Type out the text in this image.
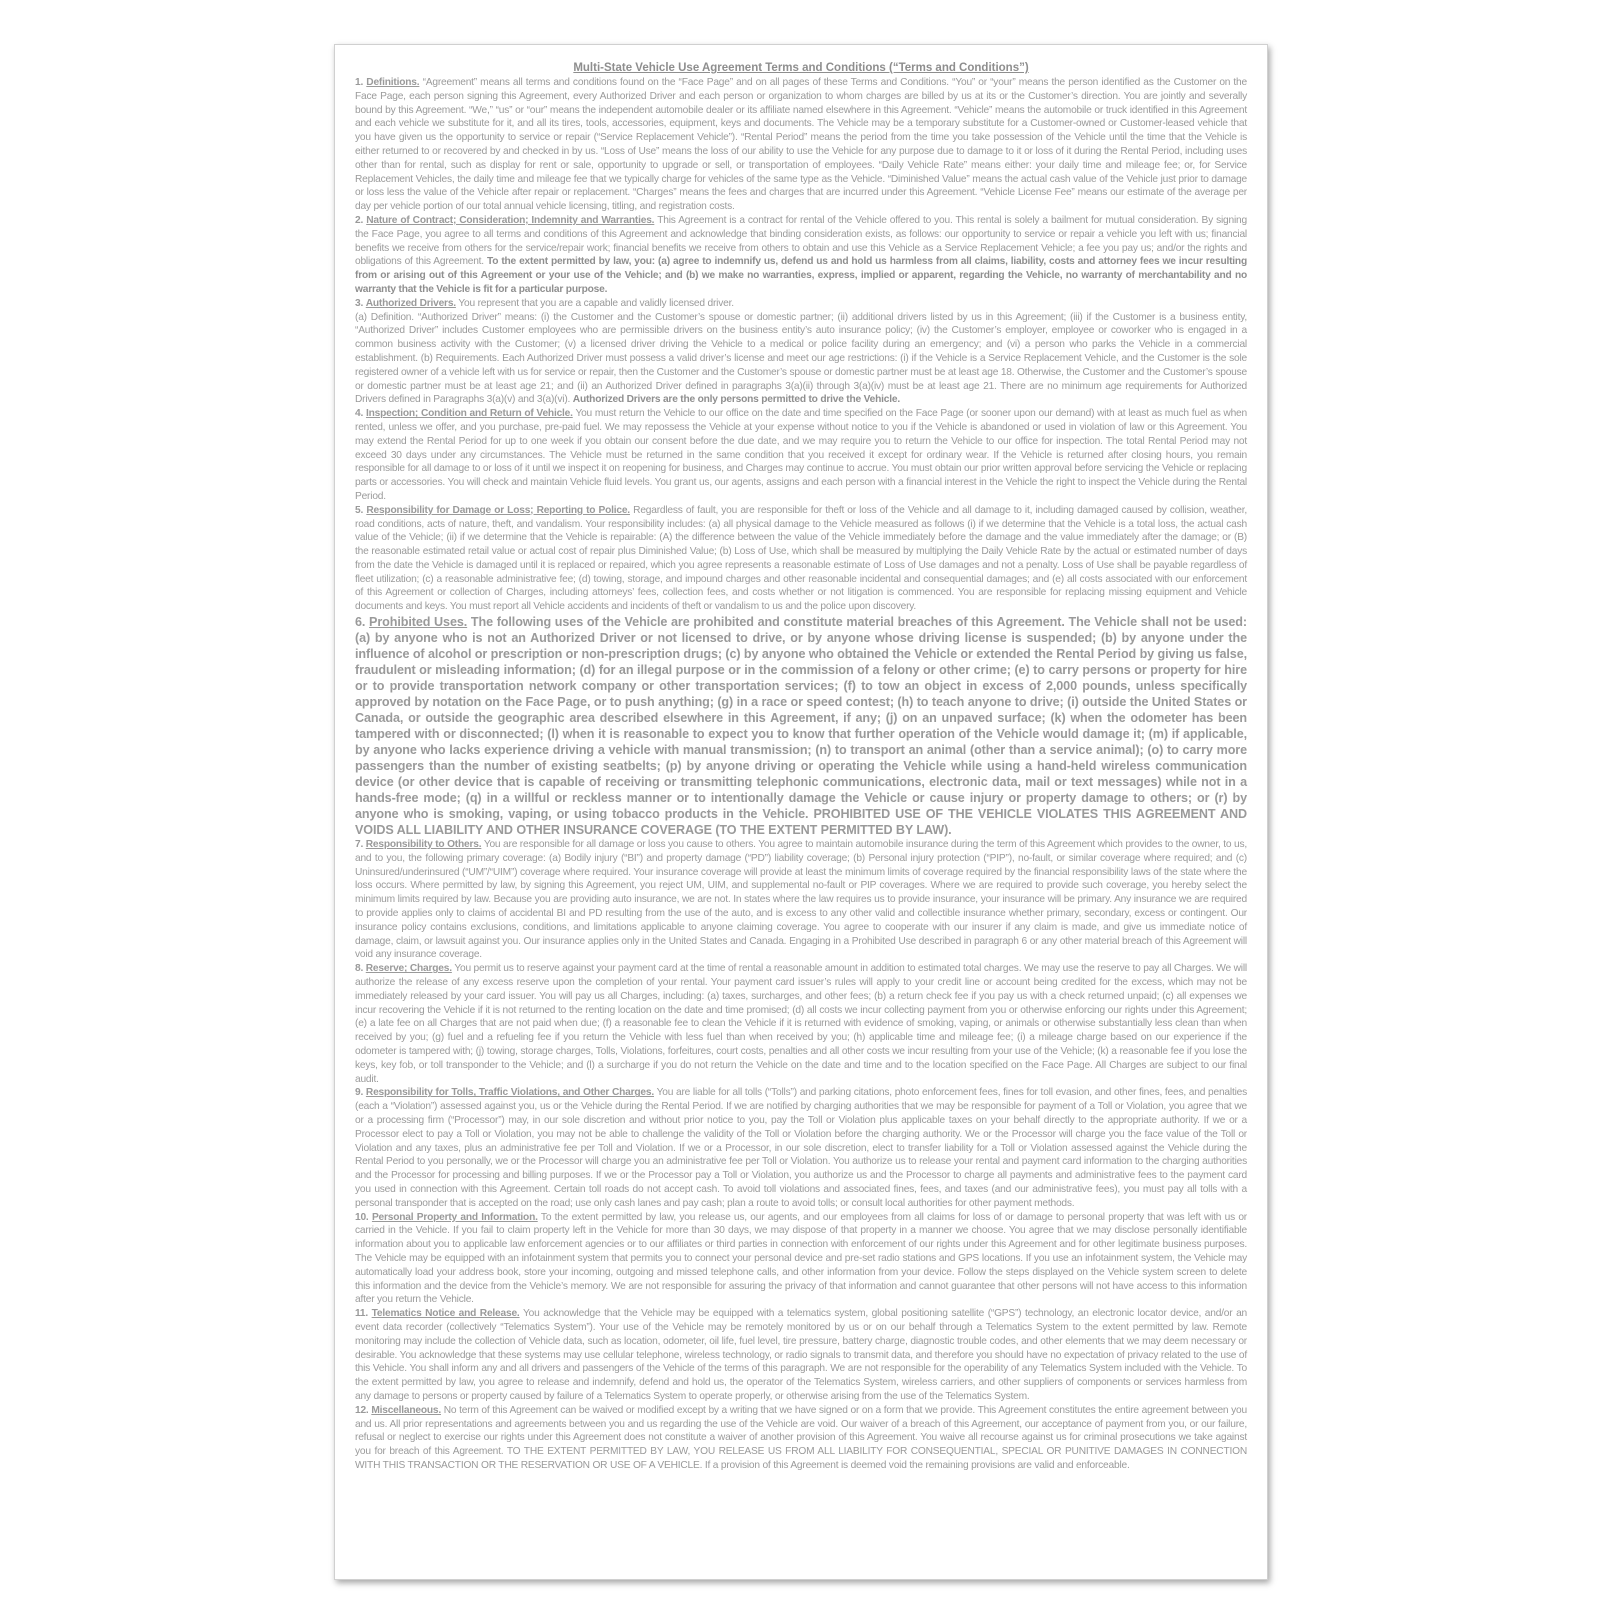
Multi-State Vehicle Use Agreement Terms and Conditions (“Terms and Conditions”)

1. Definitions. “Agreement” means all terms and conditions found on the “Face Page” and on all pages of these Terms and Conditions. “You” or “your” means the person identified as the Customer on the Face Page, each person signing this Agreement, every Authorized Driver and each person or organization to whom charges are billed by us at its or the Customer’s direction. You are jointly and severally bound by this Agreement. “We,” “us” or “our” means the independent automobile dealer or its affiliate named elsewhere in this Agreement. “Vehicle” means the automobile or truck identified in this Agreement and each vehicle we substitute for it, and all its tires, tools, accessories, equipment, keys and documents. The Vehicle may be a temporary substitute for a Customer-owned or Customer-leased vehicle that you have given us the opportunity to service or repair (“Service Replacement Vehicle”). “Rental Period” means the period from the time you take possession of the Vehicle until the time that the Vehicle is either returned to or recovered by and checked in by us. “Loss of Use” means the loss of our ability to use the Vehicle for any purpose due to damage to it or loss of it during the Rental Period, including uses other than for rental, such as display for rent or sale, opportunity to upgrade or sell, or transportation of employees. “Daily Vehicle Rate” means either: your daily time and mileage fee; or, for Service Replacement Vehicles, the daily time and mileage fee that we typically charge for vehicles of the same type as the Vehicle. “Diminished Value” means the actual cash value of the Vehicle just prior to damage or loss less the value of the Vehicle after repair or replacement. “Charges” means the fees and charges that are incurred under this Agreement. “Vehicle License Fee” means our estimate of the average per day per vehicle portion of our total annual vehicle licensing, titling, and registration costs.

2. Nature of Contract; Consideration; Indemnity and Warranties. This Agreement is a contract for rental of the Vehicle offered to you. This rental is solely a bailment for mutual consideration. By signing the Face Page, you agree to all terms and conditions of this Agreement and acknowledge that binding consideration exists, as follows: our opportunity to service or repair a vehicle you left with us; financial benefits we receive from others for the service/repair work; financial benefits we receive from others to obtain and use this Vehicle as a Service Replacement Vehicle; a fee you pay us; and/or the rights and obligations of this Agreement. To the extent permitted by law, you: (a) agree to indemnify us, defend us and hold us harmless from all claims, liability, costs and attorney fees we incur resulting from or arising out of this Agreement or your use of the Vehicle; and (b) we make no warranties, express, implied or apparent, regarding the Vehicle, no warranty of merchantability and no warranty that the Vehicle is fit for a particular purpose.

3. Authorized Drivers. You represent that you are a capable and validly licensed driver.

(a) Definition. “Authorized Driver” means: (i) the Customer and the Customer’s spouse or domestic partner; (ii) additional drivers listed by us in this Agreement; (iii) if the Customer is a business entity, “Authorized Driver” includes Customer employees who are permissible drivers on the business entity’s auto insurance policy; (iv) the Customer’s employer, employee or coworker who is engaged in a common business activity with the Customer; (v) a licensed driver driving the Vehicle to a medical or police facility during an emergency; and (vi) a person who parks the Vehicle in a commercial establishment. (b) Requirements. Each Authorized Driver must possess a valid driver’s license and meet our age restrictions: (i) if the Vehicle is a Service Replacement Vehicle, and the Customer is the sole registered owner of a vehicle left with us for service or repair, then the Customer and the Customer’s spouse or domestic partner must be at least age 18. Otherwise, the Customer and the Customer’s spouse or domestic partner must be at least age 21; and (ii) an Authorized Driver defined in paragraphs 3(a)(ii) through 3(a)(iv) must be at least age 21. There are no minimum age requirements for Authorized Drivers defined in Paragraphs 3(a)(v) and 3(a)(vi). Authorized Drivers are the only persons permitted to drive the Vehicle.

4. Inspection; Condition and Return of Vehicle. You must return the Vehicle to our office on the date and time specified on the Face Page (or sooner upon our demand) with at least as much fuel as when rented, unless we offer, and you purchase, pre-paid fuel. We may repossess the Vehicle at your expense without notice to you if the Vehicle is abandoned or used in violation of law or this Agreement. You may extend the Rental Period for up to one week if you obtain our consent before the due date, and we may require you to return the Vehicle to our office for inspection. The total Rental Period may not exceed 30 days under any circumstances. The Vehicle must be returned in the same condition that you received it except for ordinary wear. If the Vehicle is returned after closing hours, you remain responsible for all damage to or loss of it until we inspect it on reopening for business, and Charges may continue to accrue. You must obtain our prior written approval before servicing the Vehicle or replacing parts or accessories. You will check and maintain Vehicle fluid levels. You grant us, our agents, assigns and each person with a financial interest in the Vehicle the right to inspect the Vehicle during the Rental Period.

5. Responsibility for Damage or Loss; Reporting to Police. Regardless of fault, you are responsible for theft or loss of the Vehicle and all damage to it, including damaged caused by collision, weather, road conditions, acts of nature, theft, and vandalism. Your responsibility includes: (a) all physical damage to the Vehicle measured as follows (i) if we determine that the Vehicle is a total loss, the actual cash value of the Vehicle; (ii) if we determine that the Vehicle is repairable: (A) the difference between the value of the Vehicle immediately before the damage and the value immediately after the damage; or (B) the reasonable estimated retail value or actual cost of repair plus Diminished Value; (b) Loss of Use, which shall be measured by multiplying the Daily Vehicle Rate by the actual or estimated number of days from the date the Vehicle is damaged until it is replaced or repaired, which you agree represents a reasonable estimate of Loss of Use damages and not a penalty. Loss of Use shall be payable regardless of fleet utilization; (c) a reasonable administrative fee; (d) towing, storage, and impound charges and other reasonable incidental and consequential damages; and (e) all costs associated with our enforcement of this Agreement or collection of Charges, including attorneys’ fees, collection fees, and costs whether or not litigation is commenced. You are responsible for replacing missing equipment and Vehicle documents and keys. You must report all Vehicle accidents and incidents of theft or vandalism to us and the police upon discovery.

6. Prohibited Uses. The following uses of the Vehicle are prohibited and constitute material breaches of this Agreement. The Vehicle shall not be used: (a) by anyone who is not an Authorized Driver or not licensed to drive, or by anyone whose driving license is suspended; (b) by anyone under the influence of alcohol or prescription or non-prescription drugs; (c) by anyone who obtained the Vehicle or extended the Rental Period by giving us false, fraudulent or misleading information; (d) for an illegal purpose or in the commission of a felony or other crime; (e) to carry persons or property for hire or to provide transportation network company or other transportation services; (f) to tow an object in excess of 2,000 pounds, unless specifically approved by notation on the Face Page, or to push anything; (g) in a race or speed contest; (h) to teach anyone to drive; (i) outside the United States or Canada, or outside the geographic area described elsewhere in this Agreement, if any; (j) on an unpaved surface; (k) when the odometer has been tampered with or disconnected; (l) when it is reasonable to expect you to know that further operation of the Vehicle would damage it; (m) if applicable, by anyone who lacks experience driving a vehicle with manual transmission; (n) to transport an animal (other than a service animal); (o) to carry more passengers than the number of existing seatbelts; (p) by anyone driving or operating the Vehicle while using a hand-held wireless communication device (or other device that is capable of receiving or transmitting telephonic communications, electronic data, mail or text messages) while not in a hands-free mode; (q) in a willful or reckless manner or to intentionally damage the Vehicle or cause injury or property damage to others; or (r) by anyone who is smoking, vaping, or using tobacco products in the Vehicle. PROHIBITED USE OF THE VEHICLE VIOLATES THIS AGREEMENT AND VOIDS ALL LIABILITY AND OTHER INSURANCE COVERAGE (TO THE EXTENT PERMITTED BY LAW).

7. Responsibility to Others. You are responsible for all damage or loss you cause to others. You agree to maintain automobile insurance during the term of this Agreement which provides to the owner, to us, and to you, the following primary coverage: (a) Bodily injury (“BI”) and property damage (“PD”) liability coverage; (b) Personal injury protection (“PIP”), no-fault, or similar coverage where required; and (c) Uninsured/underinsured (“UM”/“UIM”) coverage where required. Your insurance coverage will provide at least the minimum limits of coverage required by the financial responsibility laws of the state where the loss occurs. Where permitted by law, by signing this Agreement, you reject UM, UIM, and supplemental no-fault or PIP coverages. Where we are required to provide such coverage, you hereby select the minimum limits required by law. Because you are providing auto insurance, we are not. In states where the law requires us to provide insurance, your insurance will be primary. Any insurance we are required to provide applies only to claims of accidental BI and PD resulting from the use of the auto, and is excess to any other valid and collectible insurance whether primary, secondary, excess or contingent. Our insurance policy contains exclusions, conditions, and limitations applicable to anyone claiming coverage. You agree to cooperate with our insurer if any claim is made, and give us immediate notice of damage, claim, or lawsuit against you. Our insurance applies only in the United States and Canada. Engaging in a Prohibited Use described in paragraph 6 or any other material breach of this Agreement will void any insurance coverage.

8. Reserve; Charges. You permit us to reserve against your payment card at the time of rental a reasonable amount in addition to estimated total charges. We may use the reserve to pay all Charges. We will authorize the release of any excess reserve upon the completion of your rental. Your payment card issuer’s rules will apply to your credit line or account being credited for the excess, which may not be immediately released by your card issuer. You will pay us all Charges, including: (a) taxes, surcharges, and other fees; (b) a return check fee if you pay us with a check returned unpaid; (c) all expenses we incur recovering the Vehicle if it is not returned to the renting location on the date and time promised; (d) all costs we incur collecting payment from you or otherwise enforcing our rights under this Agreement; (e) a late fee on all Charges that are not paid when due; (f) a reasonable fee to clean the Vehicle if it is returned with evidence of smoking, vaping, or animals or otherwise substantially less clean than when received by you; (g) fuel and a refueling fee if you return the Vehicle with less fuel than when received by you; (h) applicable time and mileage fee; (i) a mileage charge based on our experience if the odometer is tampered with; (j) towing, storage charges, Tolls, Violations, forfeitures, court costs, penalties and all other costs we incur resulting from your use of the Vehicle; (k) a reasonable fee if you lose the keys, key fob, or toll transponder to the Vehicle; and (l) a surcharge if you do not return the Vehicle on the date and time and to the location specified on the Face Page. All Charges are subject to our final audit.

9. Responsibility for Tolls, Traffic Violations, and Other Charges. You are liable for all tolls (“Tolls”) and parking citations, photo enforcement fees, fines for toll evasion, and other fines, fees, and penalties (each a “Violation”) assessed against you, us or the Vehicle during the Rental Period. If we are notified by charging authorities that we may be responsible for payment of a Toll or Violation, you agree that we or a processing firm (“Processor”) may, in our sole discretion and without prior notice to you, pay the Toll or Violation plus applicable taxes on your behalf directly to the appropriate authority. If we or a Processor elect to pay a Toll or Violation, you may not be able to challenge the validity of the Toll or Violation before the charging authority. We or the Processor will charge you the face value of the Toll or Violation and any taxes, plus an administrative fee per Toll and Violation. If we or a Processor, in our sole discretion, elect to transfer liability for a Toll or Violation assessed against the Vehicle during the Rental Period to you personally, we or the Processor will charge you an administrative fee per Toll or Violation. You authorize us to release your rental and payment card information to the charging authorities and the Processor for processing and billing purposes. If we or the Processor pay a Toll or Violation, you authorize us and the Processor to charge all payments and administrative fees to the payment card you used in connection with this Agreement. Certain toll roads do not accept cash. To avoid toll violations and associated fines, fees, and taxes (and our administrative fees), you must pay all tolls with a personal transponder that is accepted on the road; use only cash lanes and pay cash; plan a route to avoid tolls; or consult local authorities for other payment methods.

10. Personal Property and Information. To the extent permitted by law, you release us, our agents, and our employees from all claims for loss of or damage to personal property that was left with us or carried in the Vehicle. If you fail to claim property left in the Vehicle for more than 30 days, we may dispose of that property in a manner we choose. You agree that we may disclose personally identifiable information about you to applicable law enforcement agencies or to our affiliates or third parties in connection with enforcement of our rights under this Agreement and for other legitimate business purposes. The Vehicle may be equipped with an infotainment system that permits you to connect your personal device and pre-set radio stations and GPS locations. If you use an infotainment system, the Vehicle may automatically load your address book, store your incoming, outgoing and missed telephone calls, and other information from your device. Follow the steps displayed on the Vehicle system screen to delete this information and the device from the Vehicle’s memory. We are not responsible for assuring the privacy of that information and cannot guarantee that other persons will not have access to this information after you return the Vehicle.

11. Telematics Notice and Release. You acknowledge that the Vehicle may be equipped with a telematics system, global positioning satellite (“GPS”) technology, an electronic locator device, and/or an event data recorder (collectively “Telematics System”). Your use of the Vehicle may be remotely monitored by us or on our behalf through a Telematics System to the extent permitted by law. Remote monitoring may include the collection of Vehicle data, such as location, odometer, oil life, fuel level, tire pressure, battery charge, diagnostic trouble codes, and other elements that we may deem necessary or desirable. You acknowledge that these systems may use cellular telephone, wireless technology, or radio signals to transmit data, and therefore you should have no expectation of privacy related to the use of this Vehicle. You shall inform any and all drivers and passengers of the Vehicle of the terms of this paragraph. We are not responsible for the operability of any Telematics System included with the Vehicle. To the extent permitted by law, you agree to release and indemnify, defend and hold us, the operator of the Telematics System, wireless carriers, and other suppliers of components or services harmless from any damage to persons or property caused by failure of a Telematics System to operate properly, or otherwise arising from the use of the Telematics System.

12. Miscellaneous. No term of this Agreement can be waived or modified except by a writing that we have signed or on a form that we provide. This Agreement constitutes the entire agreement between you and us. All prior representations and agreements between you and us regarding the use of the Vehicle are void. Our waiver of a breach of this Agreement, our acceptance of payment from you, or our failure, refusal or neglect to exercise our rights under this Agreement does not constitute a waiver of another provision of this Agreement. You waive all recourse against us for criminal prosecutions we take against you for breach of this Agreement. TO THE EXTENT PERMITTED BY LAW, YOU RELEASE US FROM ALL LIABILITY FOR CONSEQUENTIAL, SPECIAL OR PUNITIVE DAMAGES IN CONNECTION WITH THIS TRANSACTION OR THE RESERVATION OR USE OF A VEHICLE. If a provision of this Agreement is deemed void the remaining provisions are valid and enforceable.
